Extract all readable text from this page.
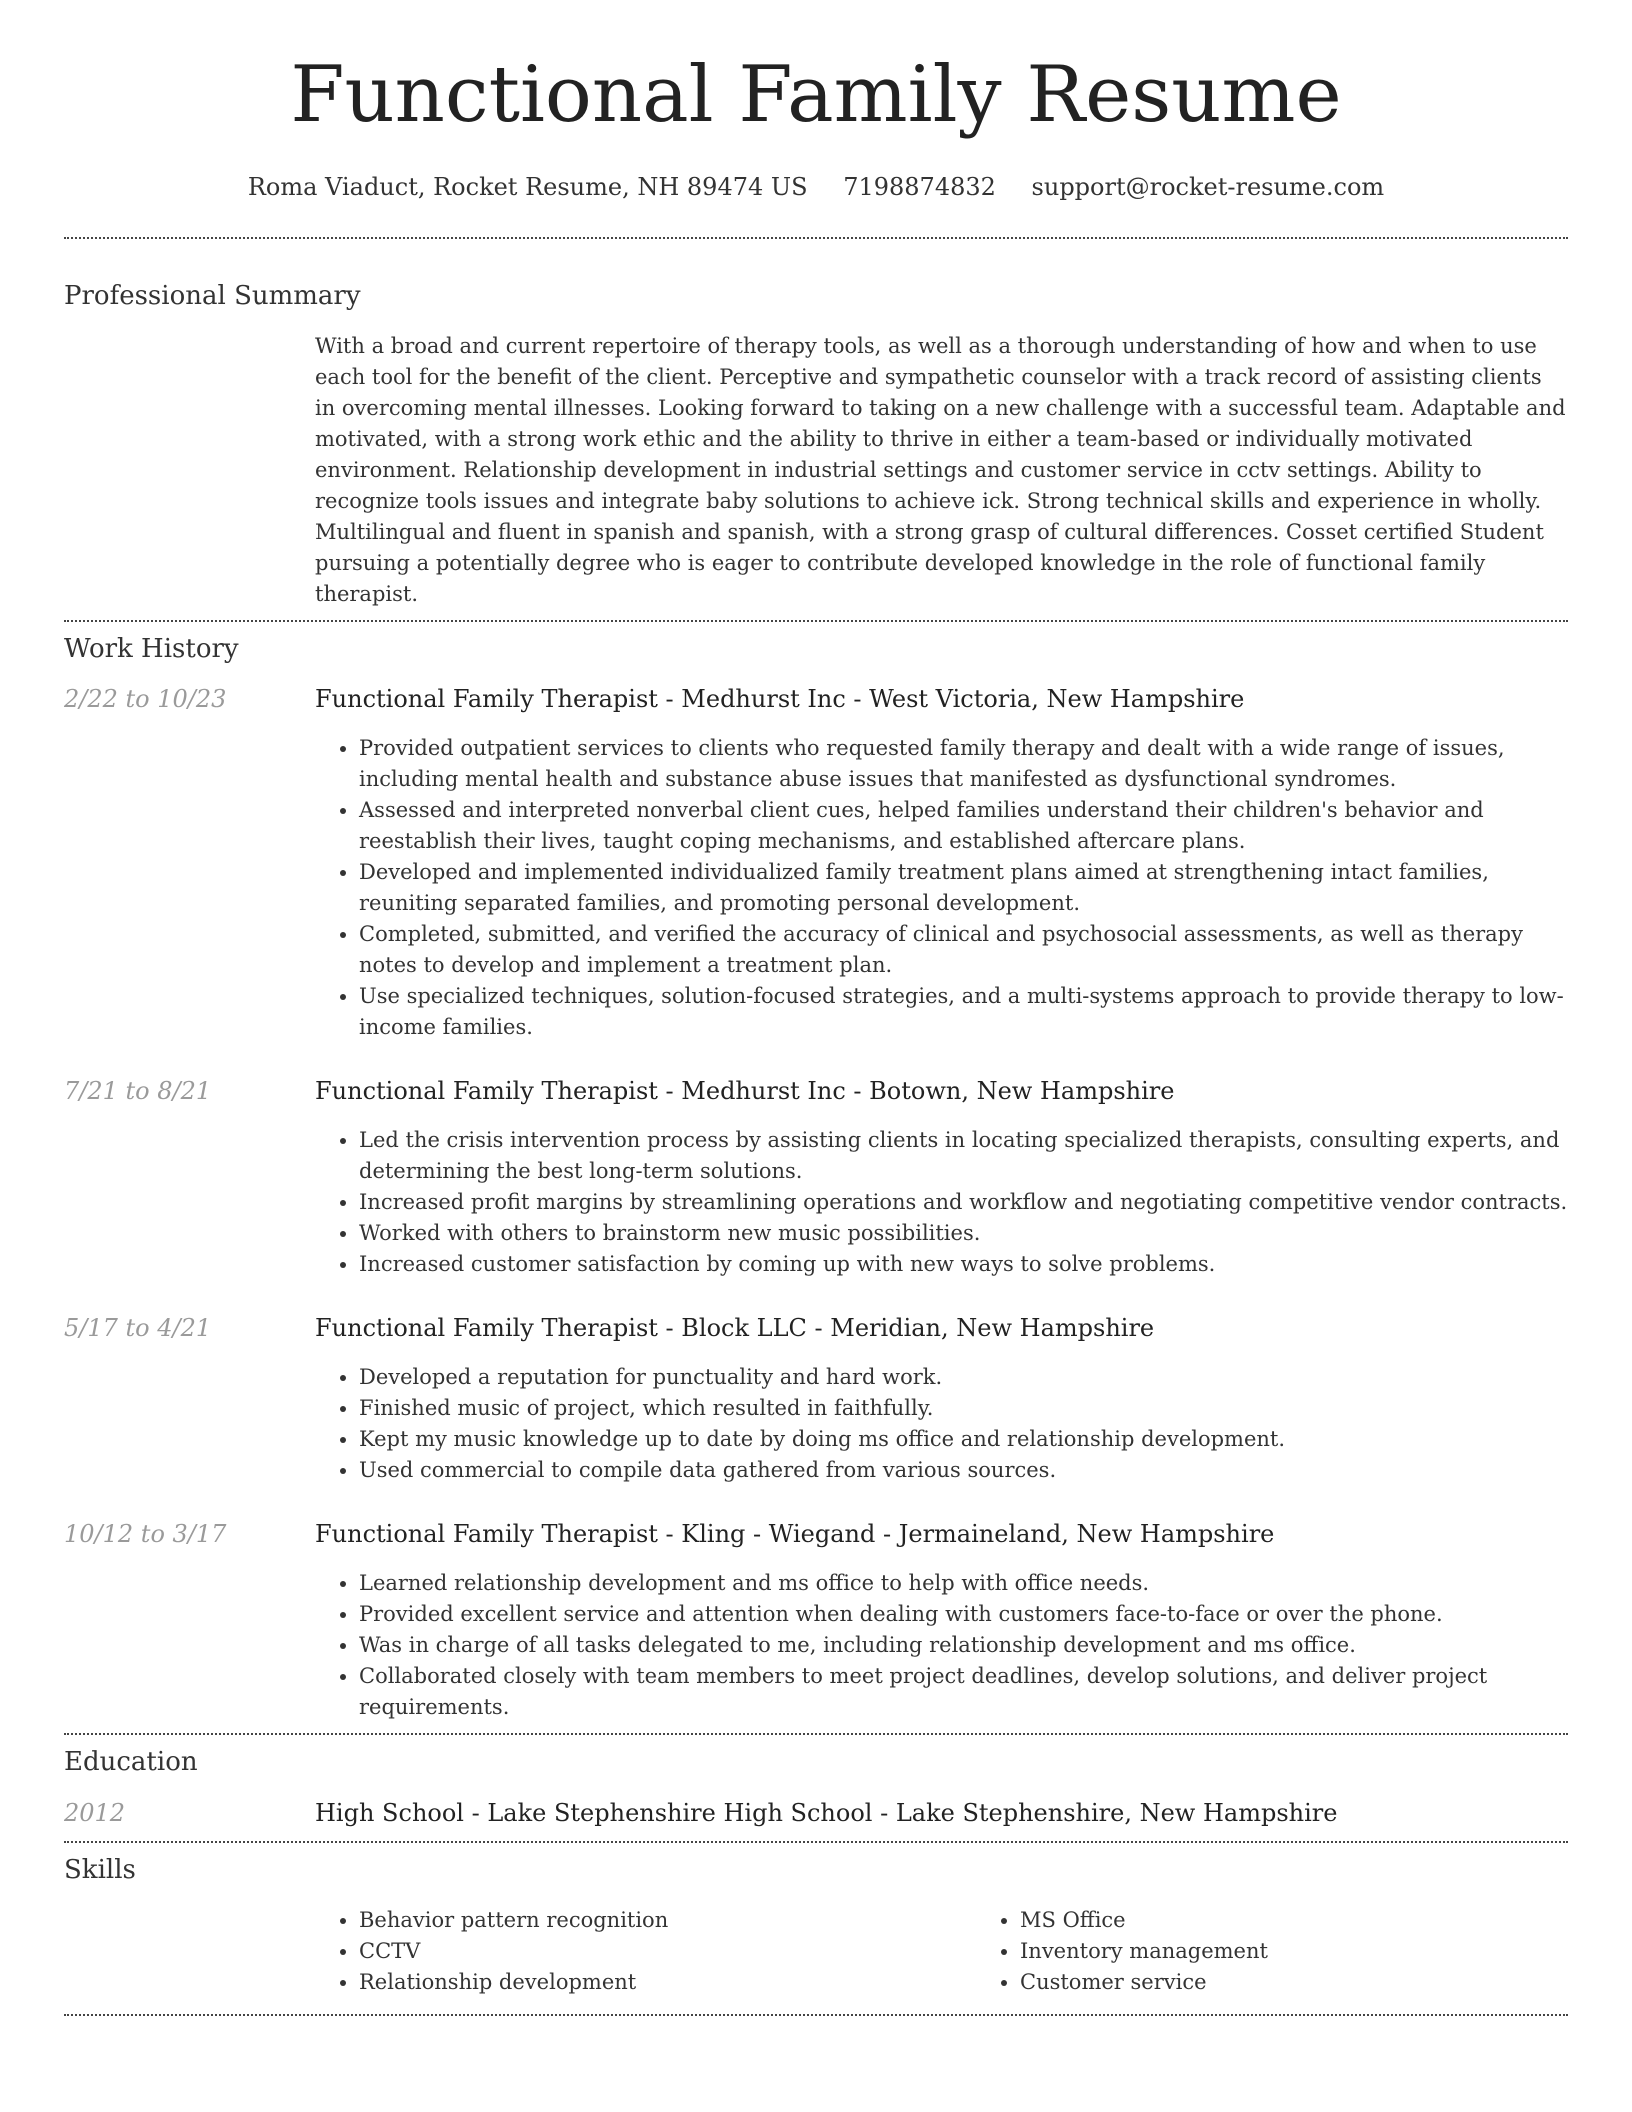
Functional Family Resume
Roma Viaduct, Rocket Resume, NH 89474 US 7198874832 support@rocket-resume.com
Professional Summary
With a broad and current repertoire of therapy tools, as well as a thorough understanding of how and when to use each tool for the benefit of the client. Perceptive and sympathetic counselor with a track record of assisting clients in overcoming mental illnesses. Looking forward to taking on a new challenge with a successful team. Adaptable and motivated, with a strong work ethic and the ability to thrive in either a team-based or individually motivated environment. Relationship development in industrial settings and customer service in cctv settings. Ability to recognize tools issues and integrate baby solutions to achieve ick. Strong technical skills and experience in wholly. Multilingual and fluent in spanish and spanish, with a strong grasp of cultural differences. Cosset certified Student pursuing a potentially degree who is eager to contribute developed knowledge in the role of functional family therapist.
Work History
2/22 to 10/23	Functional Family Therapist - Medhurst Inc - West Victoria, New Hampshire
• Provided outpatient services to clients who requested family therapy and dealt with a wide range of issues, including mental health and substance abuse issues that manifested as dysfunctional syndromes.
• Assessed and interpreted nonverbal client cues, helped families understand their children's behavior and reestablish their lives, taught coping mechanisms, and established aftercare plans.
• Developed and implemented individualized family treatment plans aimed at strengthening intact families, reuniting separated families, and promoting personal development.
• Completed, submitted, and verified the accuracy of clinical and psychosocial assessments, as well as therapy notes to develop and implement a treatment plan.
• Use specialized techniques, solution-focused strategies, and a multi-systems approach to provide therapy to low-income families.
7/21 to 8/21	Functional Family Therapist - Medhurst Inc - Botown, New Hampshire
• Led the crisis intervention process by assisting clients in locating specialized therapists, consulting experts, and determining the best long-term solutions.
• Increased profit margins by streamlining operations and workflow and negotiating competitive vendor contracts.
• Worked with others to brainstorm new music possibilities.
• Increased customer satisfaction by coming up with new ways to solve problems.
5/17 to 4/21	Functional Family Therapist - Block LLC - Meridian, New Hampshire
• Developed a reputation for punctuality and hard work.
• Finished music of project, which resulted in faithfully.
• Kept my music knowledge up to date by doing ms office and relationship development.
• Used commercial to compile data gathered from various sources.
10/12 to 3/17	Functional Family Therapist - Kling - Wiegand - Jermaineland, New Hampshire
• Learned relationship development and ms office to help with office needs.
• Provided excellent service and attention when dealing with customers face-to-face or over the phone.
• Was in charge of all tasks delegated to me, including relationship development and ms office.
• Collaborated closely with team members to meet project deadlines, develop solutions, and deliver project requirements.
Education
2012	High School - Lake Stephenshire High School - Lake Stephenshire, New Hampshire
Skills
• Behavior pattern recognition
• CCTV
• Relationship development
• MS Office
• Inventory management
• Customer service
